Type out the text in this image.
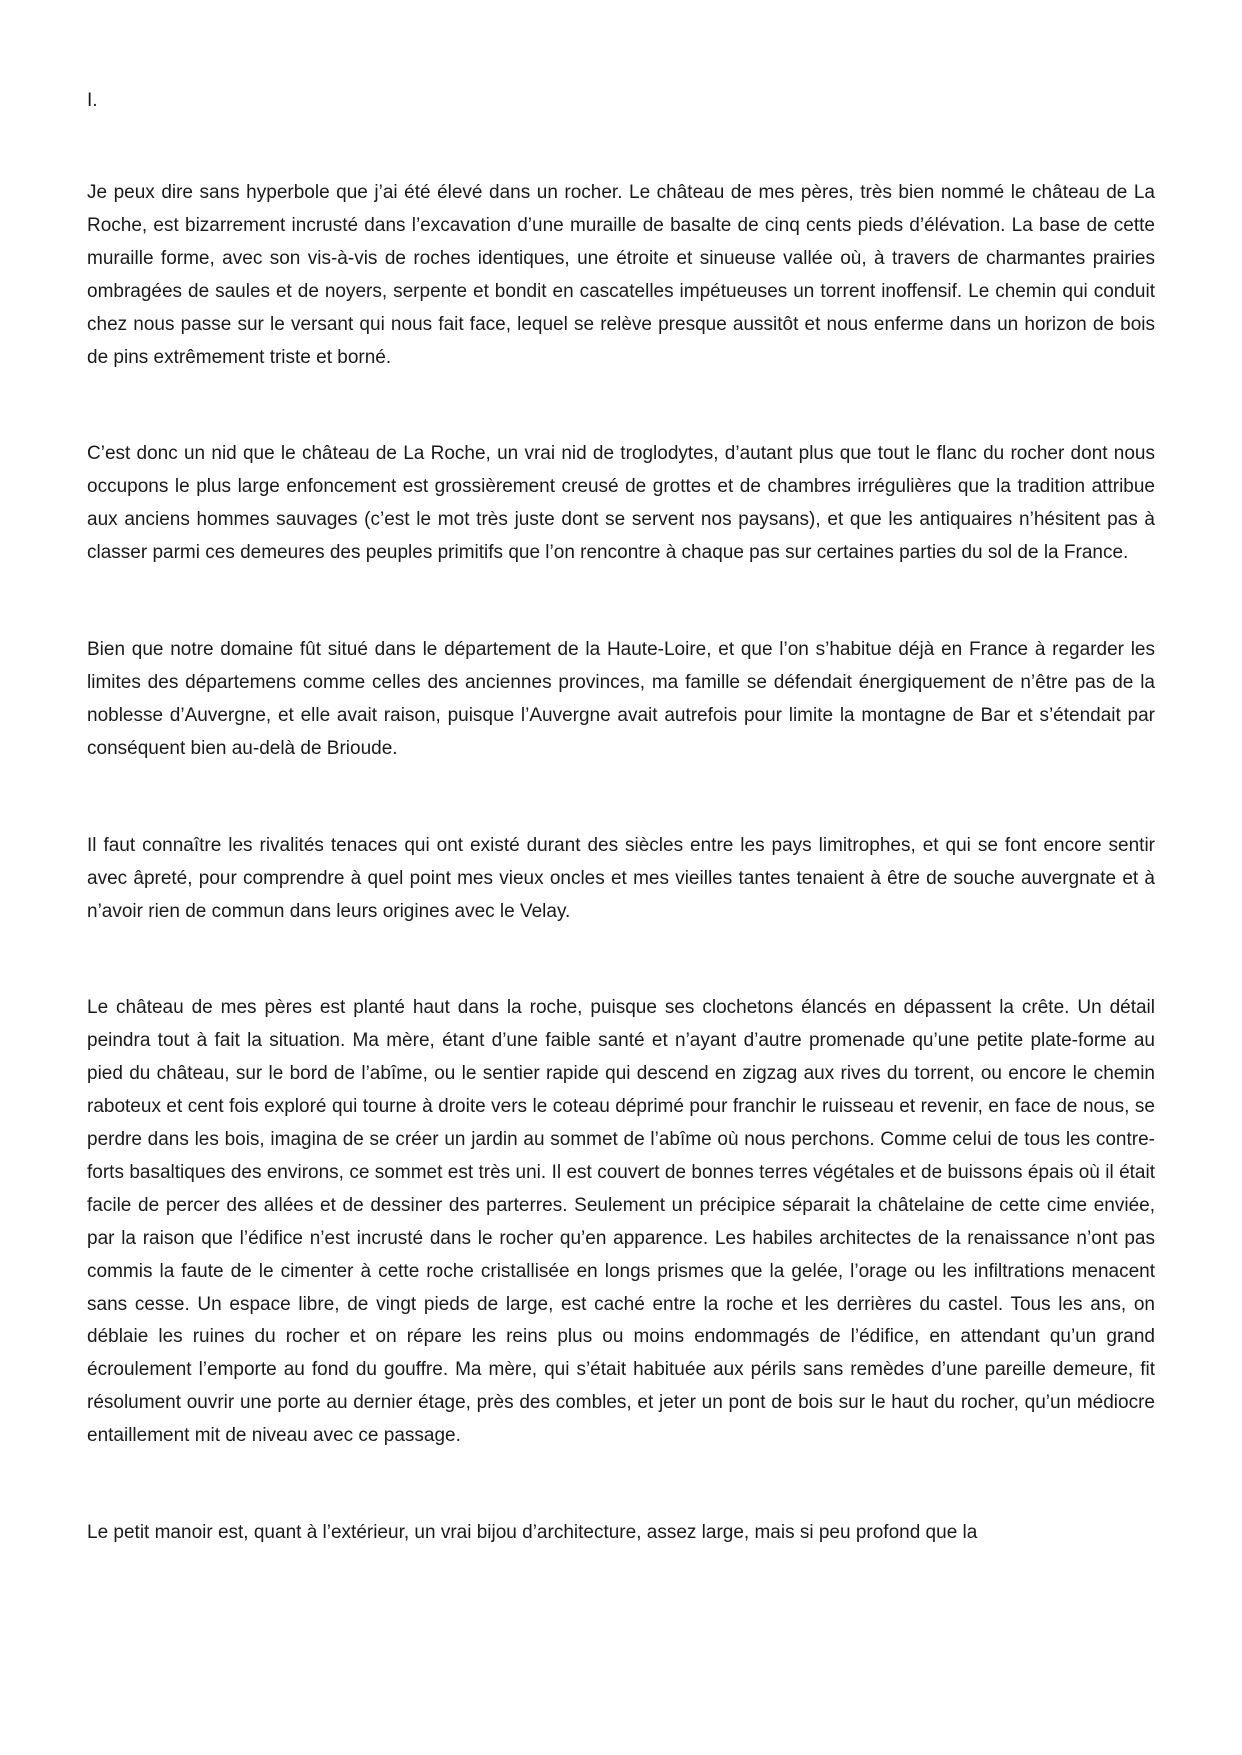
I.

Je peux dire sans hyperbole que j’ai été élevé dans un rocher. Le château de mes pères, très bien nommé le château de La Roche, est bizarrement incrusté dans l’excavation d’une muraille de basalte de cinq cents pieds d’élévation. La base de cette muraille forme, avec son vis-à-vis de roches identiques, une étroite et sinueuse vallée où, à travers de charmantes prairies ombragées de saules et de noyers, serpente et bondit en cascatelles impétueuses un torrent inoffensif. Le chemin qui conduit chez nous passe sur le versant qui nous fait face, lequel se relève presque aussitôt et nous enferme dans un horizon de bois de pins extrêmement triste et borné.

C’est donc un nid que le château de La Roche, un vrai nid de troglodytes, d’autant plus que tout le flanc du rocher dont nous occupons le plus large enfoncement est grossièrement creusé de grottes et de chambres irrégulières que la tradition attribue aux anciens hommes sauvages (c’est le mot très juste dont se servent nos paysans), et que les antiquaires n’hésitent pas à classer parmi ces demeures des peuples primitifs que l’on rencontre à chaque pas sur certaines parties du sol de la France.

Bien que notre domaine fût situé dans le département de la Haute-Loire, et que l’on s’habitue déjà en France à regarder les limites des départemens comme celles des anciennes provinces, ma famille se défendait énergiquement de n’être pas de la noblesse d’Auvergne, et elle avait raison, puisque l’Auvergne avait autrefois pour limite la montagne de Bar et s’étendait par conséquent bien au-delà de Brioude.

Il faut connaître les rivalités tenaces qui ont existé durant des siècles entre les pays limitrophes, et qui se font encore sentir avec âpreté, pour comprendre à quel point mes vieux oncles et mes vieilles tantes tenaient à être de souche auvergnate et à n’avoir rien de commun dans leurs origines avec le Velay.

Le château de mes pères est planté haut dans la roche, puisque ses clochetons élancés en dépassent la crête. Un détail peindra tout à fait la situation. Ma mère, étant d’une faible santé et n’ayant d’autre promenade qu’une petite plate-forme au pied du château, sur le bord de l’abîme, ou le sentier rapide qui descend en zigzag aux rives du torrent, ou encore le chemin raboteux et cent fois exploré qui tourne à droite vers le coteau déprimé pour franchir le ruisseau et revenir, en face de nous, se perdre dans les bois, imagina de se créer un jardin au sommet de l’abîme où nous perchons. Comme celui de tous les contre-forts basaltiques des environs, ce sommet est très uni. Il est couvert de bonnes terres végétales et de buissons épais où il était facile de percer des allées et de dessiner des parterres. Seulement un précipice séparait la châtelaine de cette cime enviée, par la raison que l’édifice n’est incrusté dans le rocher qu’en apparence. Les habiles architectes de la renaissance n’ont pas commis la faute de le cimenter à cette roche cristallisée en longs prismes que la gelée, l’orage ou les infiltrations menacent sans cesse. Un espace libre, de vingt pieds de large, est caché entre la roche et les derrières du castel. Tous les ans, on déblaie les ruines du rocher et on répare les reins plus ou moins endommagés de l’édifice, en attendant qu’un grand écroulement l’emporte au fond du gouffre. Ma mère, qui s’était habituée aux périls sans remèdes d’une pareille demeure, fit résolument ouvrir une porte au dernier étage, près des combles, et jeter un pont de bois sur le haut du rocher, qu’un médiocre entaillement mit de niveau avec ce passage.

Le petit manoir est, quant à l’extérieur, un vrai bijou d’architecture, assez large, mais si peu profond que la
